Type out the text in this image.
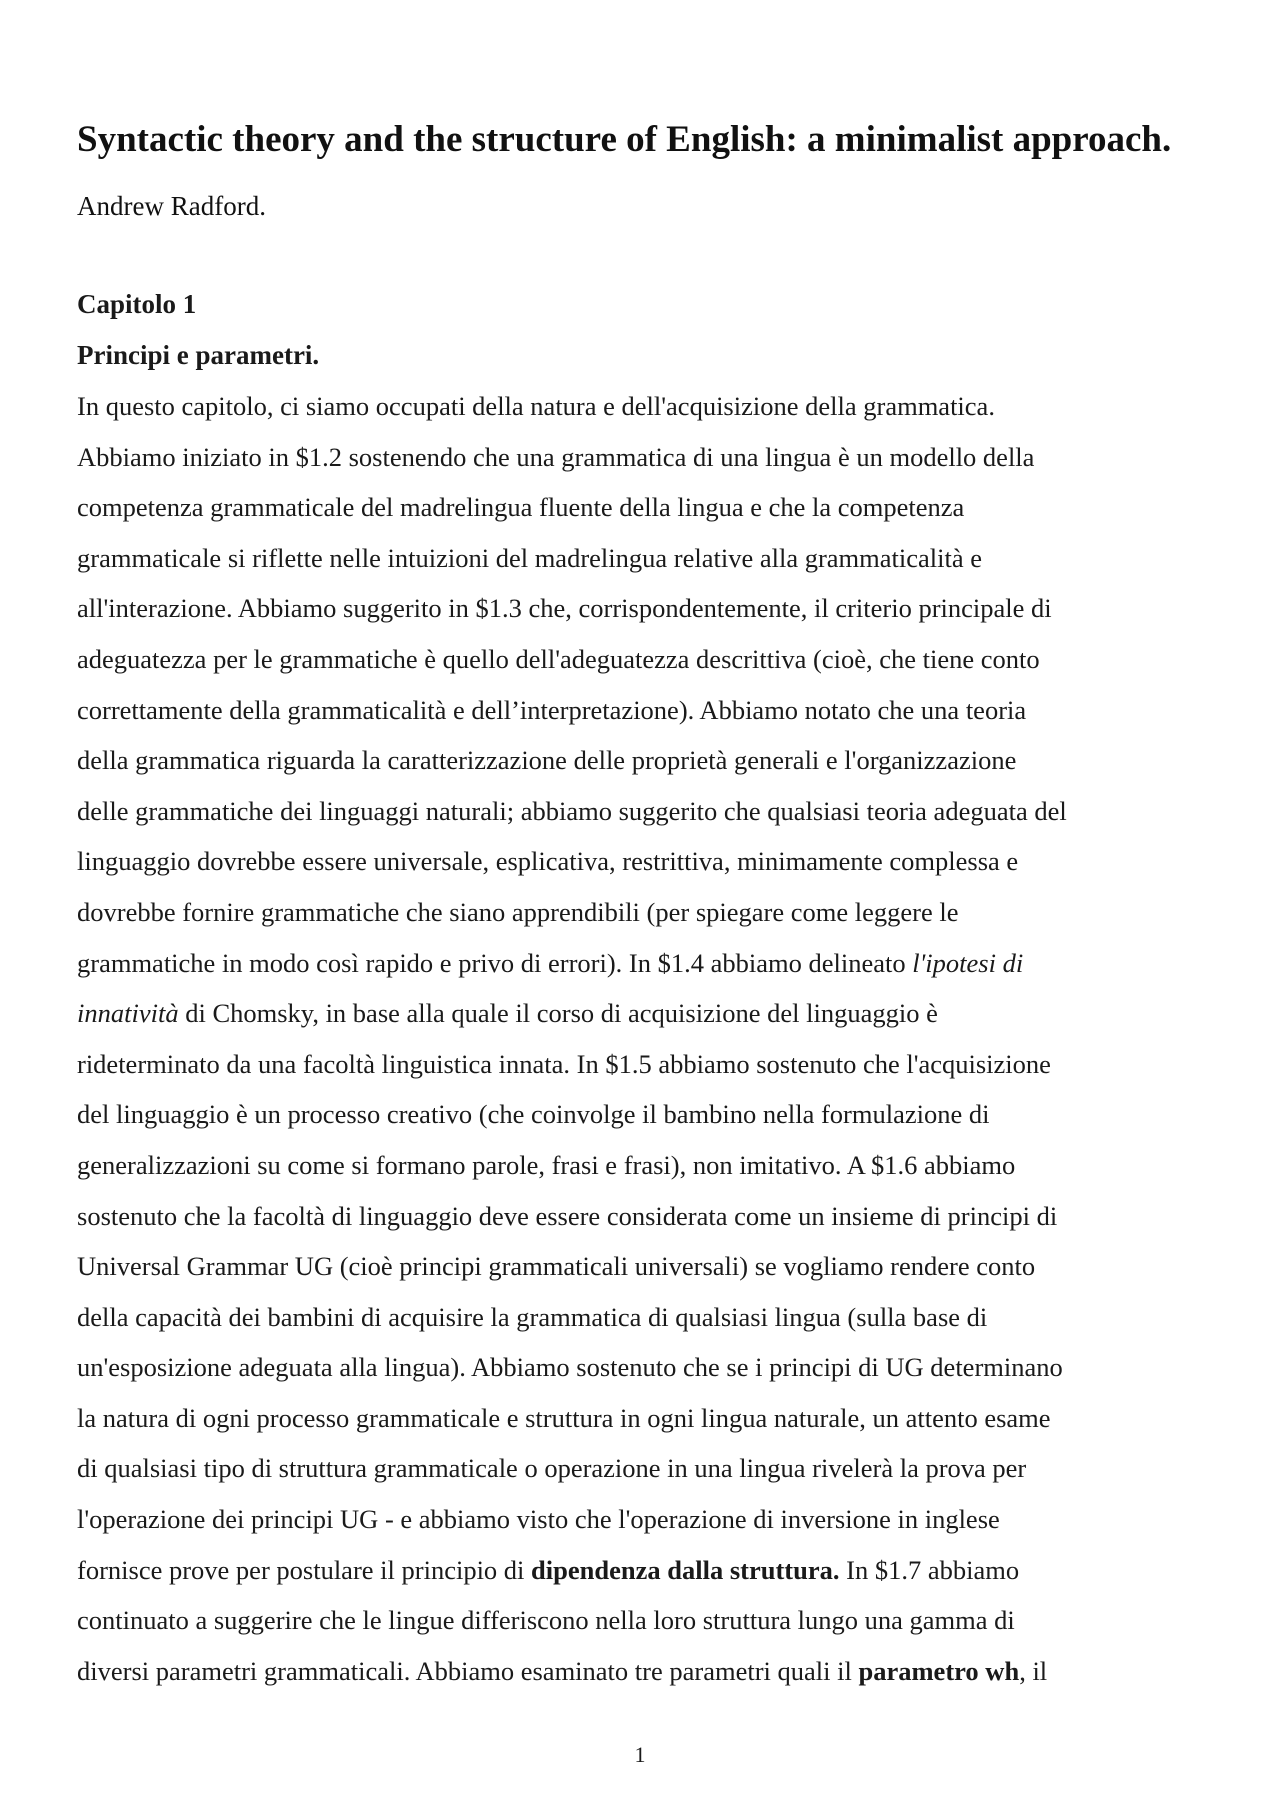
Syntactic theory and the structure of English: a minimalist approach. Andrew Radford.
Capitolo 1
Principi e parametri.

In questo capitolo, ci siamo occupati della natura e dell'acquisizione della grammatica.
Abbiamo iniziato in $1.2 sostenendo che una grammatica di una lingua è un modello della
competenza grammaticale del madrelingua fluente della lingua e che la competenza
grammaticale si riflette nelle intuizioni del madrelingua relative alla grammaticalità e
all'interazione. Abbiamo suggerito in $1.3 che, corrispondentemente, il criterio principale di
adeguatezza per le grammatiche è quello dell'adeguatezza descrittiva (cioè, che tiene conto
correttamente della grammaticalità e dell’interpretazione). Abbiamo notato che una teoria
della grammatica riguarda la caratterizzazione delle proprietà generali e l'organizzazione
delle grammatiche dei linguaggi naturali; abbiamo suggerito che qualsiasi teoria adeguata del
linguaggio dovrebbe essere universale, esplicativa, restrittiva, minimamente complessa e
dovrebbe fornire grammatiche che siano apprendibili (per spiegare come leggere le
grammatiche in modo così rapido e privo di errori). In $1.4 abbiamo delineato l'ipotesi di
innatività di Chomsky, in base alla quale il corso di acquisizione del linguaggio è
rideterminato da una facoltà linguistica innata. In $1.5 abbiamo sostenuto che l'acquisizione
del linguaggio è un processo creativo (che coinvolge il bambino nella formulazione di
generalizzazioni su come si formano parole, frasi e frasi), non imitativo. A $1.6 abbiamo
sostenuto che la facoltà di linguaggio deve essere considerata come un insieme di principi di
Universal Grammar UG (cioè principi grammaticali universali) se vogliamo rendere conto
della capacità dei bambini di acquisire la grammatica di qualsiasi lingua (sulla base di
un'esposizione adeguata alla lingua). Abbiamo sostenuto che se i principi di UG determinano
la natura di ogni processo grammaticale e struttura in ogni lingua naturale, un attento esame
di qualsiasi tipo di struttura grammaticale o operazione in una lingua rivelerà la prova per
l'operazione dei principi UG - e abbiamo visto che l'operazione di inversione in inglese
fornisce prove per postulare il principio di dipendenza dalla struttura. In $1.7 abbiamo
continuato a suggerire che le lingue differiscono nella loro struttura lungo una gamma di
diversi parametri grammaticali. Abbiamo esaminato tre parametri quali il parametro wh, il

1
